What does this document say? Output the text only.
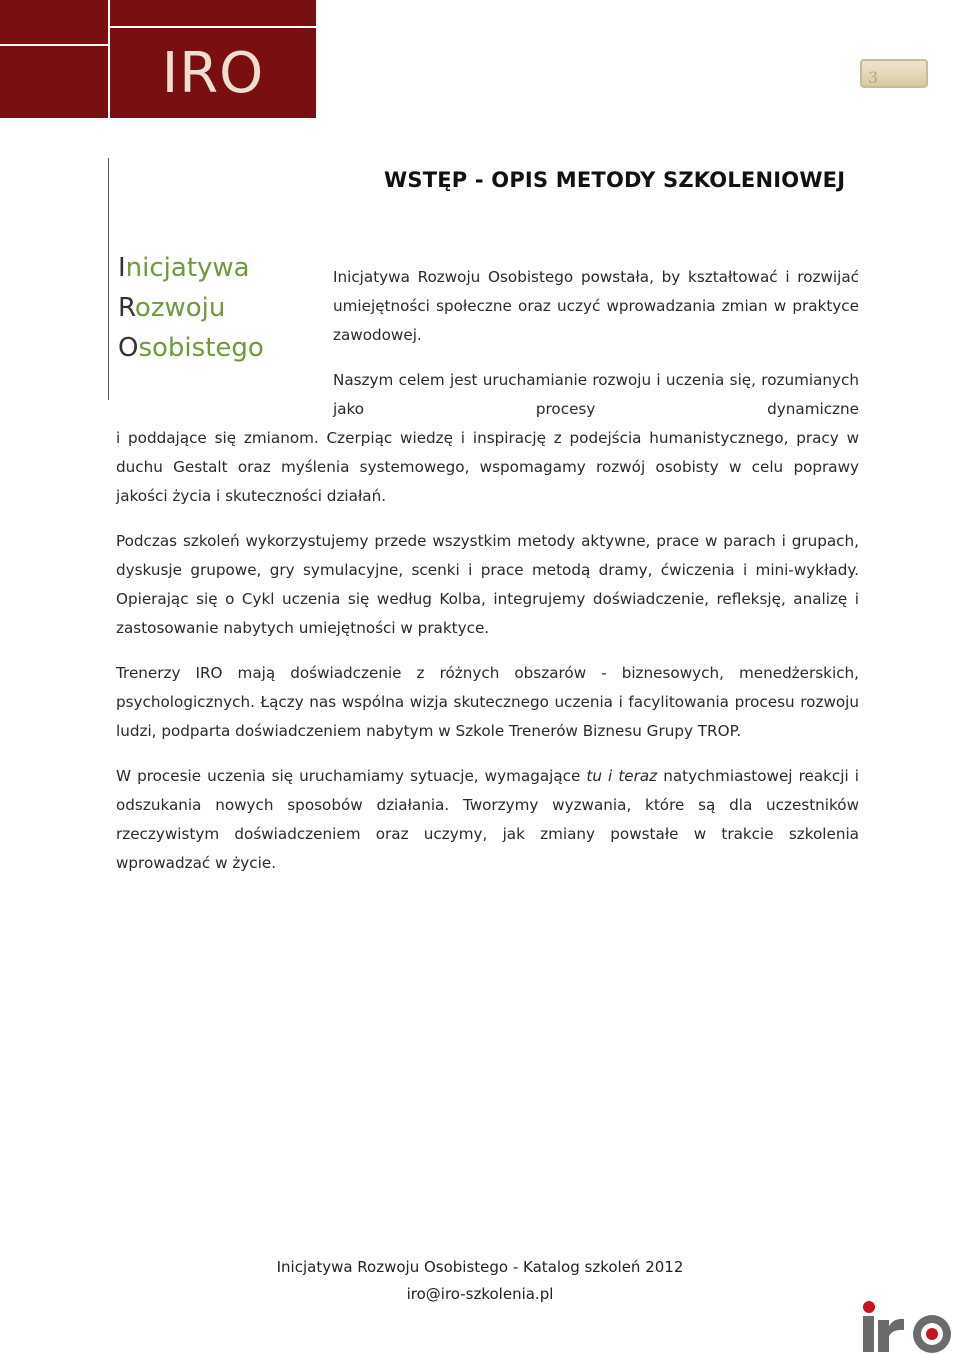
IRO	3
WSTĘP - OPIS METODY SZKOLENIOWEJ
Inicjatywa
Rozwoju
Osobistego
Inicjatywa Rozwoju Osobistego powstała, by kształtować i rozwijać umiejętności społeczne oraz uczyć wprowadzania zmian w praktyce zawodowej.
Naszym celem jest uruchamianie rozwoju i uczenia się, rozumianych jako procesy dynamiczne
i poddające się zmianom. Czerpiąc wiedzę i inspirację z podejścia humanistycznego, pracy w duchu Gestalt oraz myślenia systemowego, wspomagamy rozwój osobisty w celu poprawy jakości życia i skuteczności działań.
Podczas szkoleń wykorzystujemy przede wszystkim metody aktywne, prace w parach i grupach, dyskusje grupowe, gry symulacyjne, scenki i prace metodą dramy, ćwiczenia i mini-wykłady. Opierając się o Cykl uczenia się według Kolba, integrujemy doświadczenie, refleksję, analizę i zastosowanie nabytych umiejętności w praktyce.
Trenerzy IRO mają doświadczenie z różnych obszarów - biznesowych, menedżerskich, psychologicznych. Łączy nas wspólna wizja skutecznego uczenia i facylitowania procesu rozwoju ludzi, podparta doświadczeniem nabytym w Szkole Trenerów Biznesu Grupy TROP.
W procesie uczenia się uruchamiamy sytuacje, wymagające tu i teraz natychmiastowej reakcji i odszukania nowych sposobów działania. Tworzymy wyzwania, które są dla uczestników rzeczywistym doświadczeniem oraz uczymy, jak zmiany powstałe w trakcie szkolenia wprowadzać w życie.
Inicjatywa Rozwoju Osobistego - Katalog szkoleń 2012
iro@iro-szkolenia.pl
